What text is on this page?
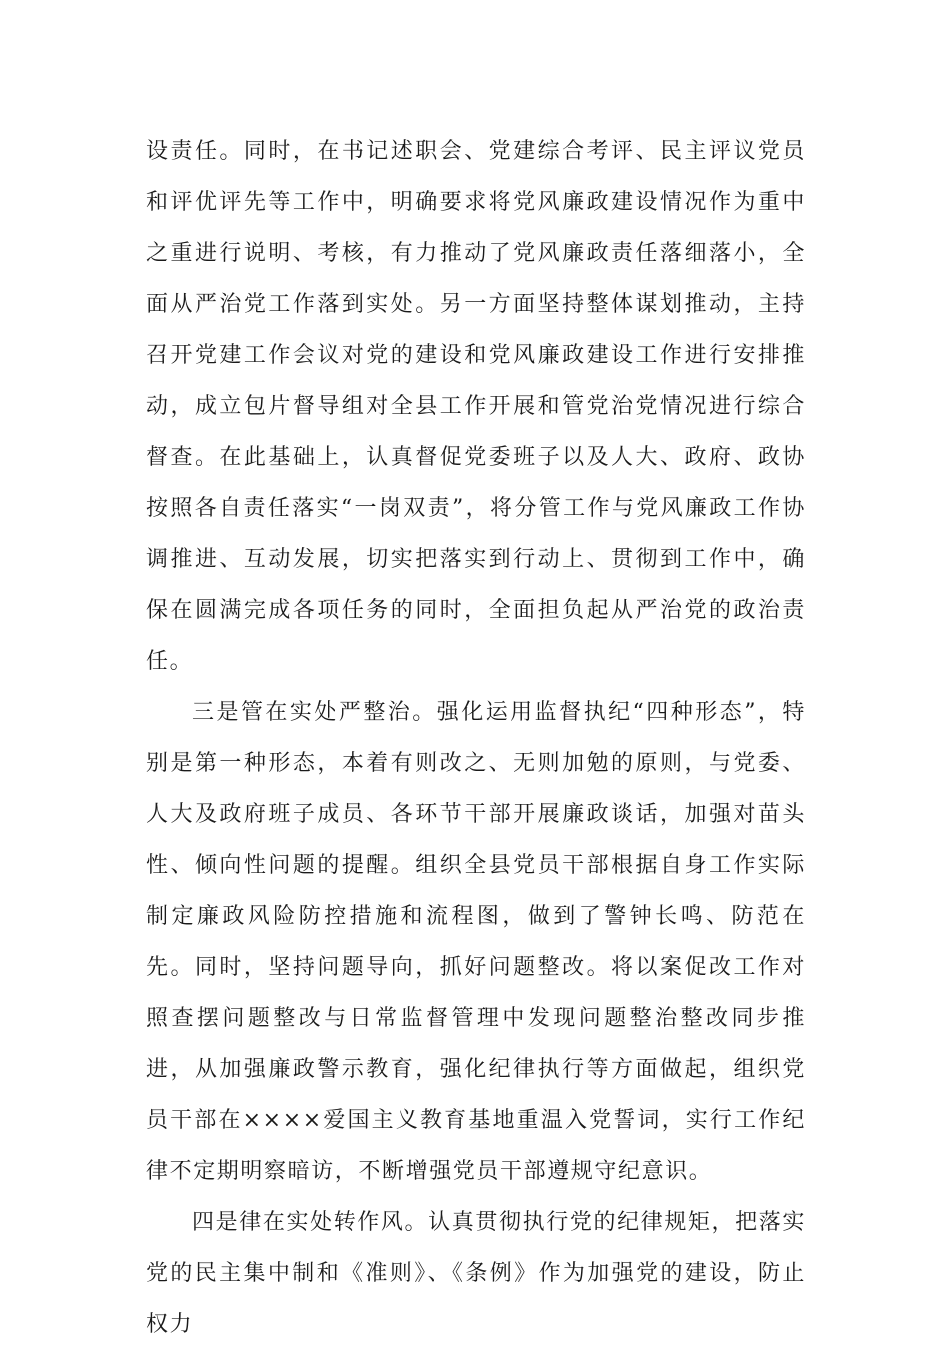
设责任。同时，在书记述职会、党建综合考评、民主评议党员和评优评先等工作中，明确要求将党风廉政建设情况作为重中之重进行说明、考核，有力推动了党风廉政责任落细落小，全面从严治党工作落到实处。另一方面坚持整体谋划推动，主持召开党建工作会议对党的建设和党风廉政建设工作进行安排推动，成立包片督导组对全县工作开展和管党治党情况进行综合督查。在此基础上，认真督促党委班子以及人大、政府、政协按照各自责任落实“一岗双责”，将分管工作与党风廉政工作协调推进、互动发展，切实把落实到行动上、贯彻到工作中，确保在圆满完成各项任务的同时，全面担负起从严治党的政治责任。

三是管在实处严整治。强化运用监督执纪“四种形态”，特别是第一种形态，本着有则改之、无则加勉的原则，与党委、人大及政府班子成员、各环节干部开展廉政谈话，加强对苗头性、倾向性问题的提醒。组织全县党员干部根据自身工作实际制定廉政风险防控措施和流程图，做到了警钟长鸣、防范在先。同时，坚持问题导向，抓好问题整改。将以案促改工作对照查摆问题整改与日常监督管理中发现问题整治整改同步推进，从加强廉政警示教育，强化纪律执行等方面做起，组织党员干部在××××爱国主义教育基地重温入党誓词，实行工作纪律不定期明察暗访，不断增强党员干部遵规守纪意识。

四是律在实处转作风。认真贯彻执行党的纪律规矩，把落实党的民主集中制和《准则》、《条例》作为加强党的建设，防止权力
